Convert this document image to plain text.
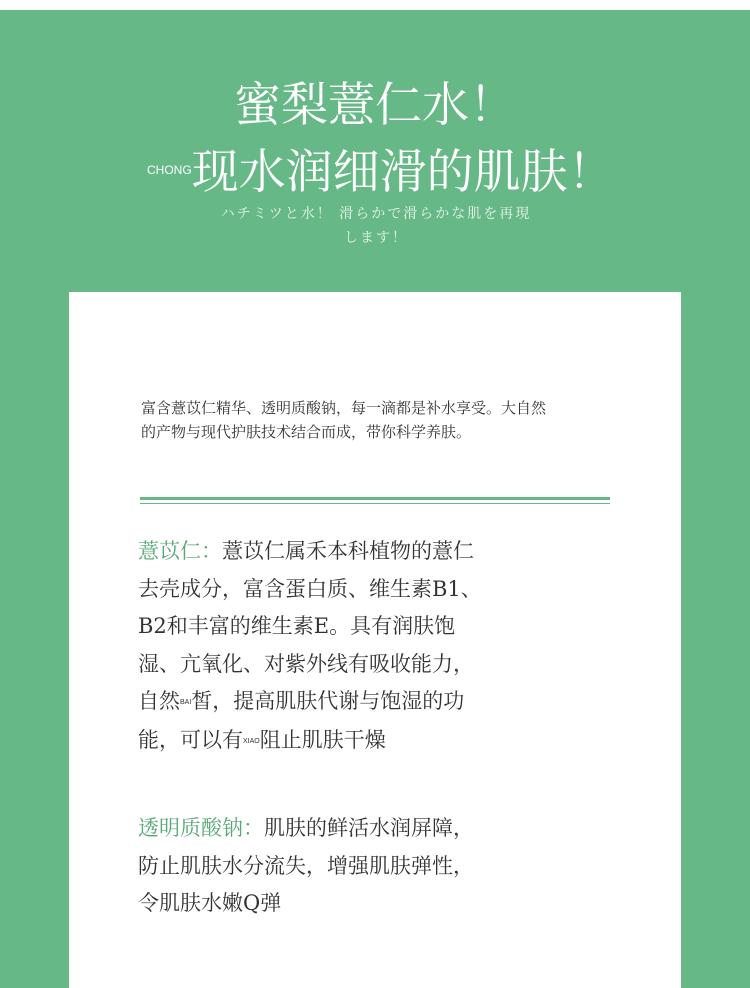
蜜梨薏仁水！
$^{CHONG}$现水润细滑的肌肤！
ハチミツと水！ 滑らかで滑らかな肌を再現
します！
富含薏苡仁精华、透明质酸钠，每一滴都是补水享受。大自然的产物与现代护肤技术结合而成，带你科学养肤。
薏苡仁：薏苡仁属禾本科植物的薏仁去壳成分，富含蛋白质、维生素B1、B2和丰富的维生素E。具有润肤饱湿、亢氧化、对紫外线有吸收能力，自然BAI皙，提高肌肤代谢与饱湿的功能，可以有XIAO阻止肌肤干燥
透明质酸钠：肌肤的鲜活水润屏障，防止肌肤水分流失，增强肌肤弹性，令肌肤水嫩Q弹
